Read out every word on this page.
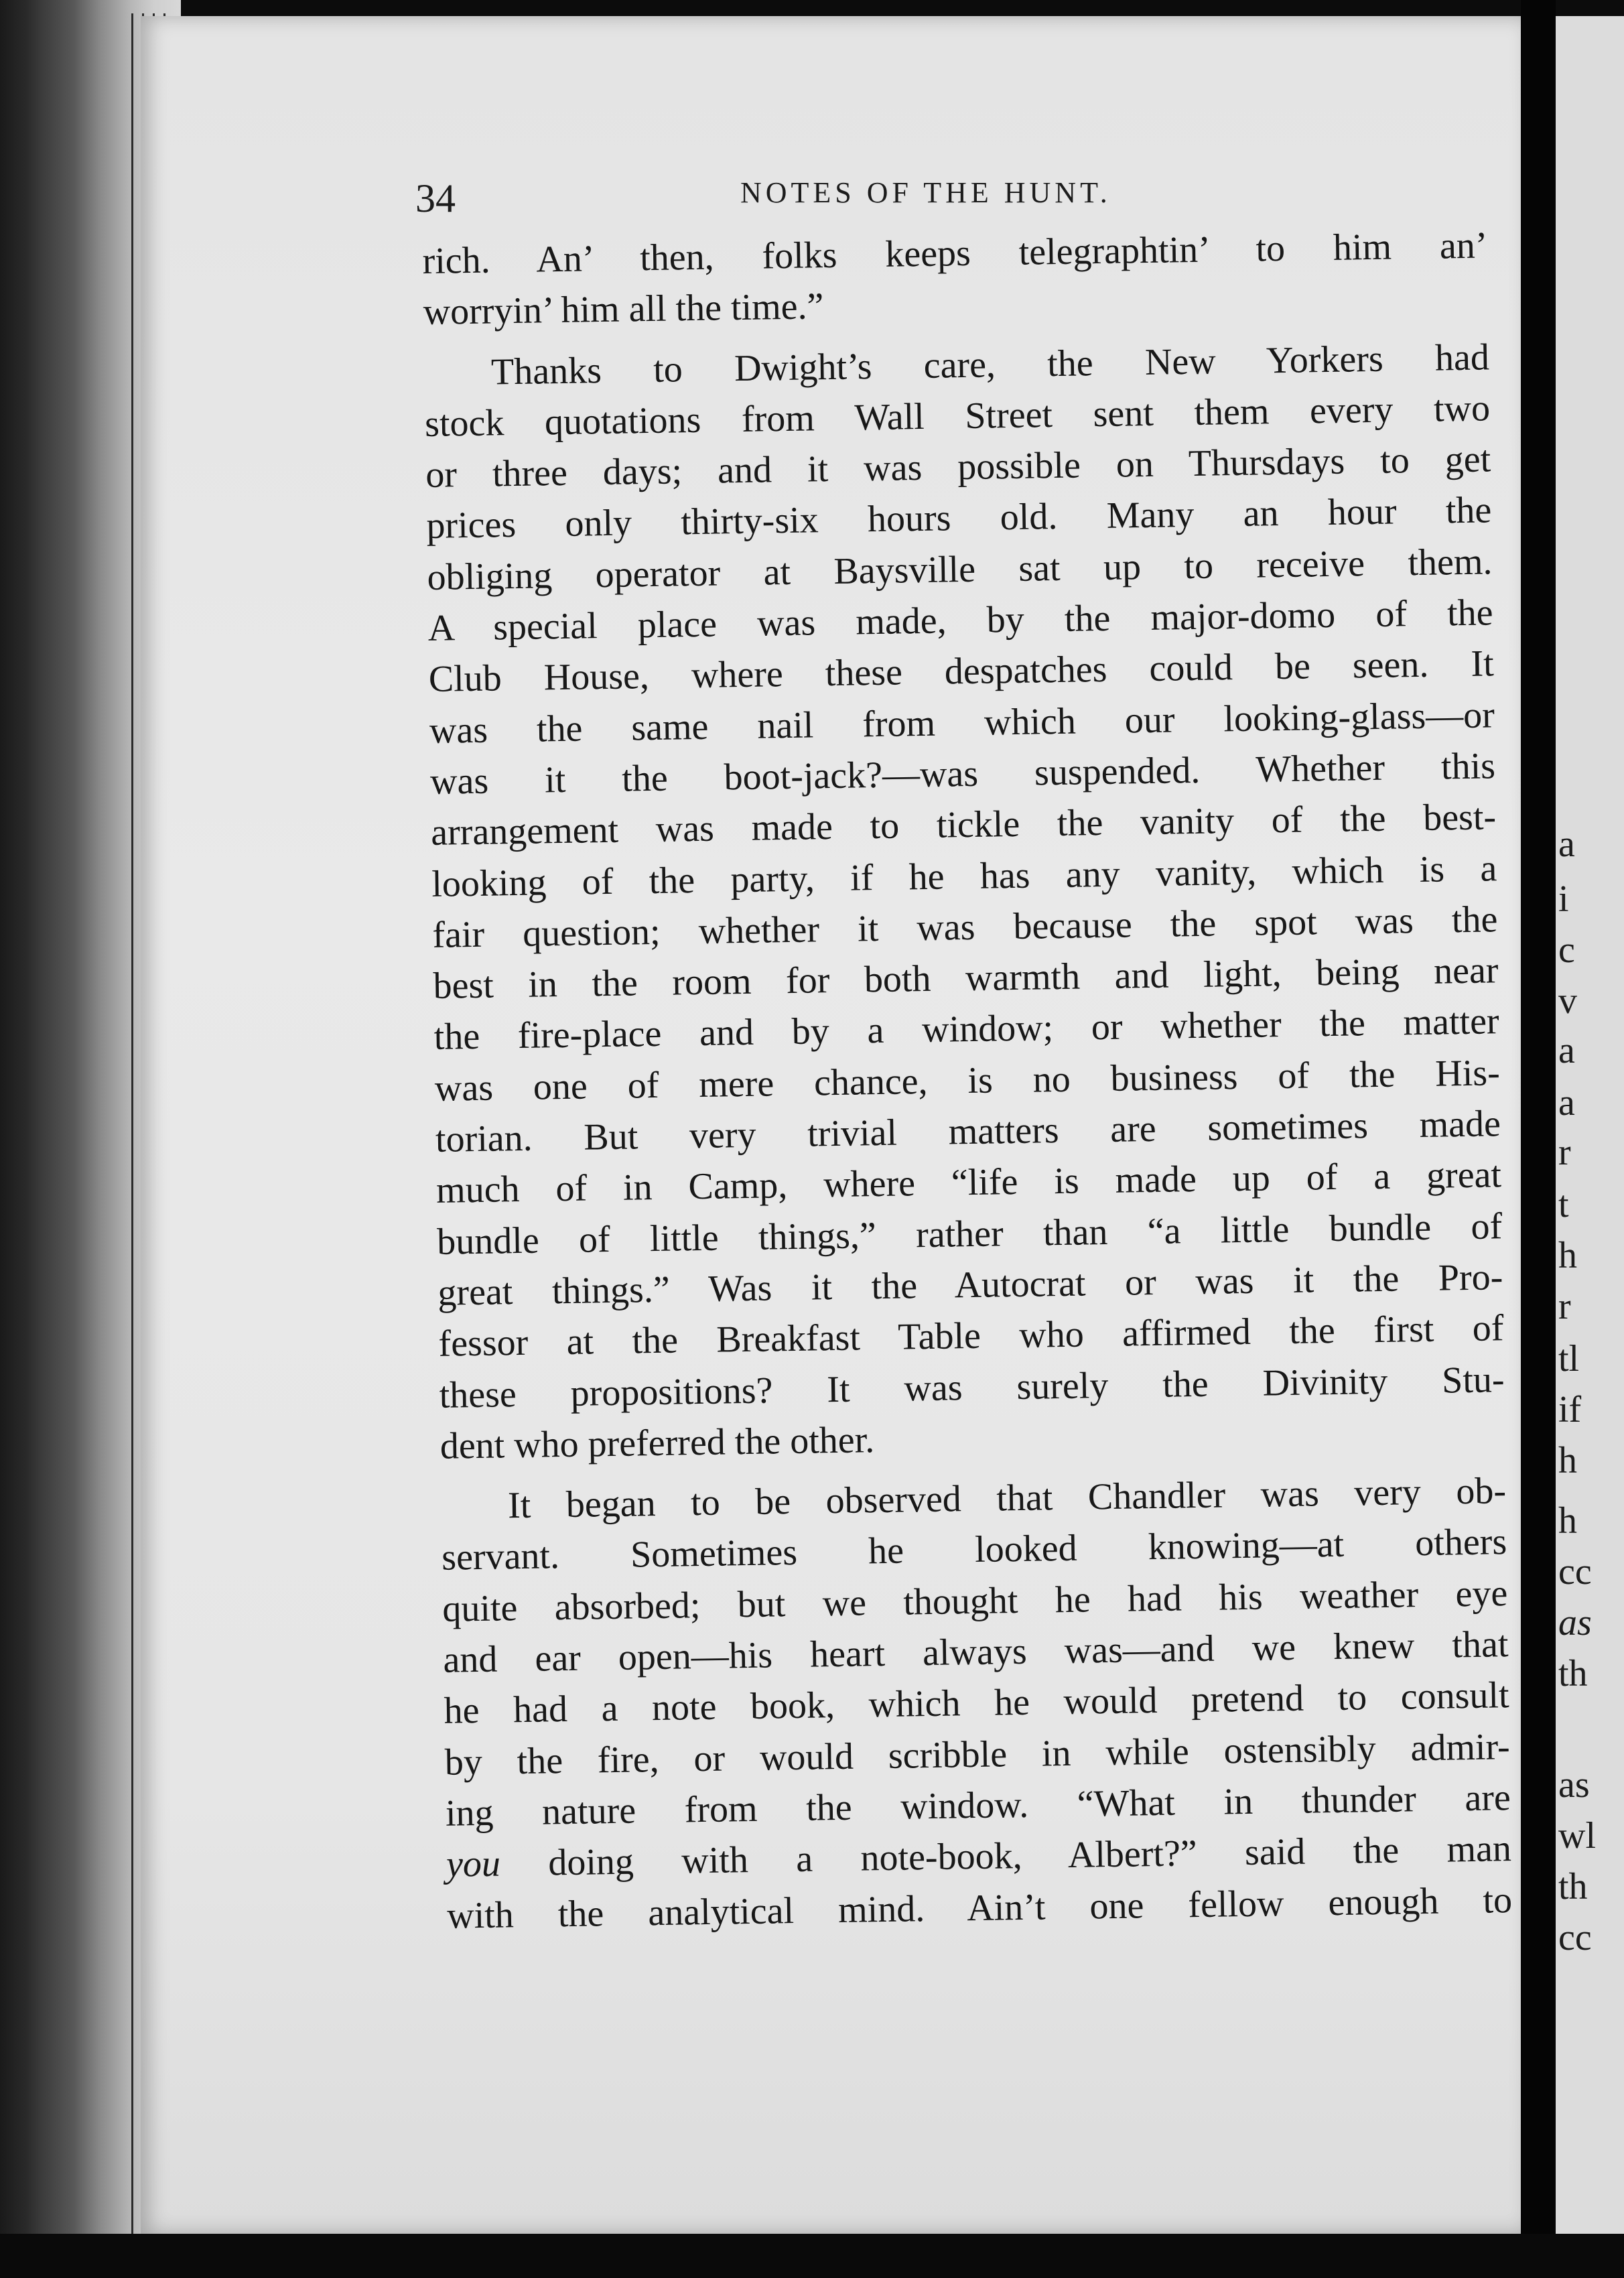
34	NOTES OF THE HUNT.
rich. An’ then, folks keeps telegraphtin’ to him an’
worryin’ him all the time.”
Thanks to Dwight’s care, the New Yorkers had
stock quotations from Wall Street sent them every two
or three days; and it was possible on Thursdays to get
prices only thirty-six hours old. Many an hour the
obliging operator at Baysville sat up to receive them.
A special place was made, by the major-domo of the
Club House, where these despatches could be seen. It
was the same nail from which our looking-glass—or
was it the boot-jack?—was suspended. Whether this
arrangement was made to tickle the vanity of the best-
looking of the party, if he has any vanity, which is a
fair question; whether it was because the spot was the
best in the room for both warmth and light, being near
the fire-place and by a window; or whether the matter
was one of mere chance, is no business of the His-
torian. But very trivial matters are sometimes made
much of in Camp, where “life is made up of a great
bundle of little things,” rather than “a little bundle of
great things.” Was it the Autocrat or was it the Pro-
fessor at the Breakfast Table who affirmed the first of
these propositions? It was surely the Divinity Stu-
dent who preferred the other.
It began to be observed that Chandler was very ob-
servant. Sometimes he looked knowing—at others
quite absorbed; but we thought he had his weather eye
and ear open—his heart always was—and we knew that
he had a note book, which he would pretend to consult
by the fire, or would scribble in while ostensibly admir-
ing nature from the window. “What in thunder are
you doing with a note-book, Albert?” said the man
with the analytical mind. Ain’t one fellow enough to
a
i
c
v
a
a
r
t
h
r
tl
if
h
h
cc
as
th
as
wl
th
cc
